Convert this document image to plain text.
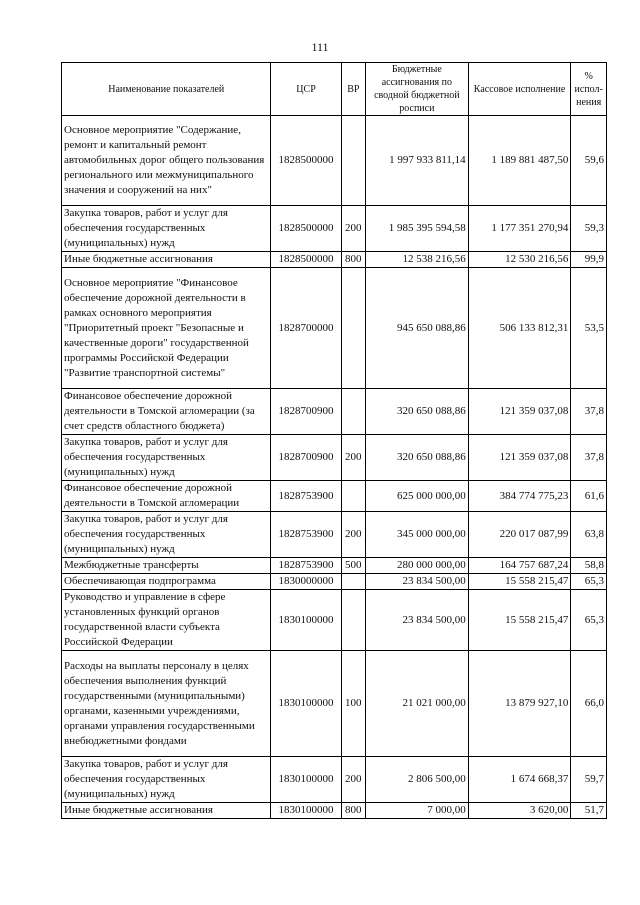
111
Наименование показателей	ЦСР	ВР	Бюджетные ассигнования по сводной бюджетной росписи	Кассовое исполнение	% испол-нения
Основное мероприятие "Содержание, ремонт и капитальный ремонт автомобильных дорог общего пользования регионального или межмуниципального значения и сооружений на них"	1828500000		1 997 933 811,14	1 189 881 487,50	59,6
Закупка товаров, работ и услуг для обеспечения государственных (муниципальных) нужд	1828500000	200	1 985 395 594,58	1 177 351 270,94	59,3
Иные бюджетные ассигнования	1828500000	800	12 538 216,56	12 530 216,56	99,9
Основное мероприятие "Финансовое обеспечение дорожной деятельности в рамках основного мероприятия "Приоритетный проект "Безопасные и качественные дороги" государственной программы Российской Федерации "Развитие транспортной системы"	1828700000		945 650 088,86	506 133 812,31	53,5
Финансовое обеспечение дорожной деятельности в Томской агломерации (за счет средств областного бюджета)	1828700900		320 650 088,86	121 359 037,08	37,8
Закупка товаров, работ и услуг для обеспечения государственных (муниципальных) нужд	1828700900	200	320 650 088,86	121 359 037,08	37,8
Финансовое обеспечение дорожной деятельности в Томской агломерации	1828753900		625 000 000,00	384 774 775,23	61,6
Закупка товаров, работ и услуг для обеспечения государственных (муниципальных) нужд	1828753900	200	345 000 000,00	220 017 087,99	63,8
Межбюджетные трансферты	1828753900	500	280 000 000,00	164 757 687,24	58,8
Обеспечивающая подпрограмма	1830000000		23 834 500,00	15 558 215,47	65,3
Руководство и управление в сфере установленных функций органов государственной власти субъекта Российской Федерации	1830100000		23 834 500,00	15 558 215,47	65,3
Расходы на выплаты персоналу в целях обеспечения выполнения функций государственными (муниципальными) органами, казенными учреждениями, органами управления государственными внебюджетными фондами	1830100000	100	21 021 000,00	13 879 927,10	66,0
Закупка товаров, работ и услуг для обеспечения государственных (муниципальных) нужд	1830100000	200	2 806 500,00	1 674 668,37	59,7
Иные бюджетные ассигнования	1830100000	800	7 000,00	3 620,00	51,7
